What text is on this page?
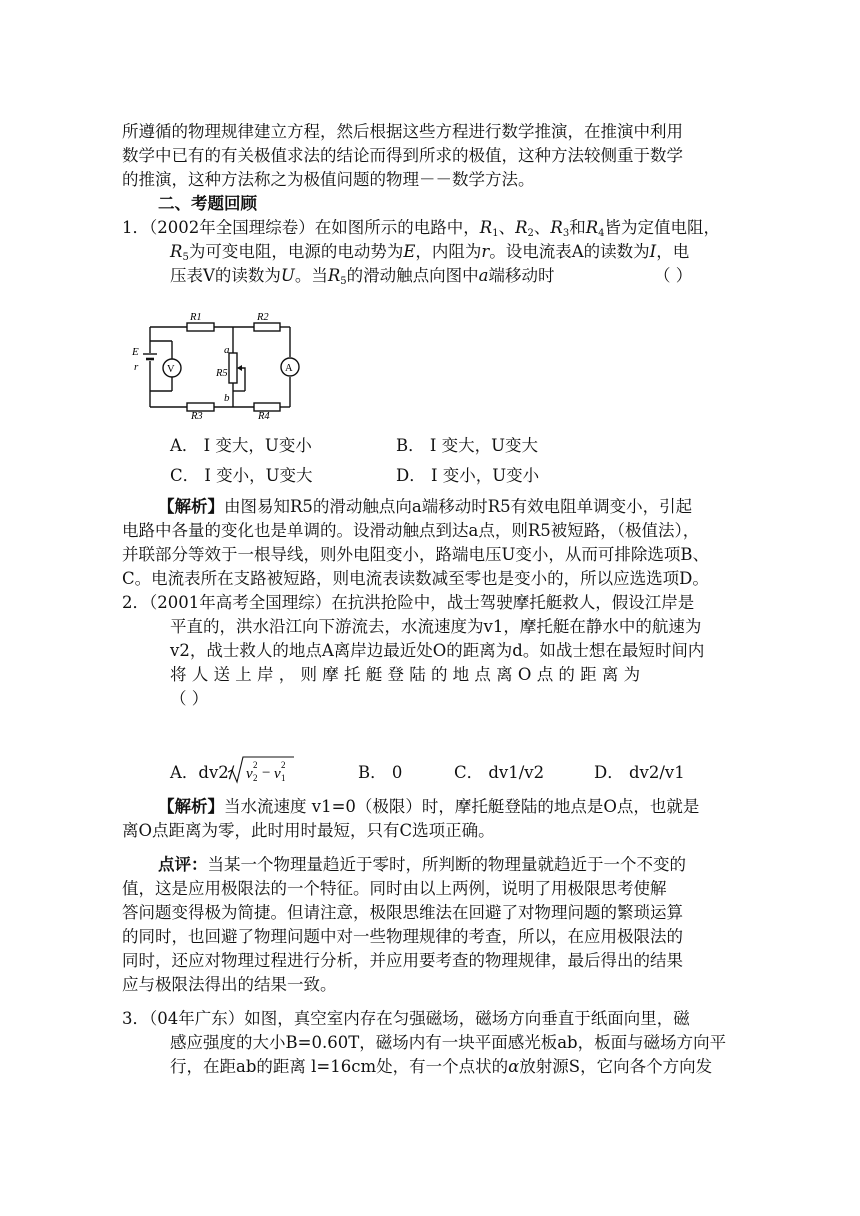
所遵循的物理规律建立方程，然后根据这些方程进行数学推演，在推演中利用
数学中已有的有关极值求法的结论而得到所求的极值，这种方法较侧重于数学
的推演，这种方法称之为极值问题的物理－－数学方法。
二、考题回顾
1．（2002年全国理综卷）在如图所示的电路中，$R_1$、$R_2$、$R_3$和$R_4$皆为定值电阻，
$R_5$为可变电阻，电源的电动势为E，内阻为r。设电流表A的读数为I，电
压表V的读数为U。当$R_5$的滑动触点向图中a端移动时	（ ）
R1	R2
R3	R4
R5
E
r	V	A
a
b
A． I 变大，U变小	B． I 变大，U变大
C． I 变小，U变大	D． I 变小，U变小
【解析】由图易知R5的滑动触点向a端移动时R5有效电阻单调变小，引起
电路中各量的变化也是单调的。设滑动触点到达a点，则R5被短路，（极值法），
并联部分等效于一根导线，则外电阻变小，路端电压U变小，从而可排除选项B、
C。电流表所在支路被短路，则电流表读数减至零也是变小的，所以应选选项D。
2．（2001年高考全国理综）在抗洪抢险中，战士驾驶摩托艇救人，假设江岸是
平直的，洪水沿江向下游流去，水流速度为v1，摩托艇在静水中的航速为
v2，战士救人的地点A离岸边最近处O的距离为d。如战士想在最短时间内
将 人 送 上 岸 ， 则 摩 托 艇 登 陆 的 地 点 离 O 点 的 距 离 为
（ ）
A．dv2/ v 2
2 − v 1
2	B． 0	C． dv1/v2	D． dv2/v1
【解析】当水流速度 v1=0（极限）时，摩托艇登陆的地点是O点，也就是
离O点距离为零，此时用时最短，只有C选项正确。
点评：当某一个物理量趋近于零时，所判断的物理量就趋近于一个不变的
值，这是应用极限法的一个特征。同时由以上两例，说明了用极限思考使解
答问题变得极为简捷。但请注意，极限思维法在回避了对物理问题的繁琐运算
的同时，也回避了物理问题中对一些物理规律的考查，所以，在应用极限法的
同时，还应对物理过程进行分析，并应用要考查的物理规律，最后得出的结果
应与极限法得出的结果一致。
3．（04年广东）如图，真空室内存在匀强磁场，磁场方向垂直于纸面向里，磁
感应强度的大小B=0.60T，磁场内有一块平面感光板ab，板面与磁场方向平
行，在距ab的距离 l=16cm处，有一个点状的α放射源S，它向各个方向发
